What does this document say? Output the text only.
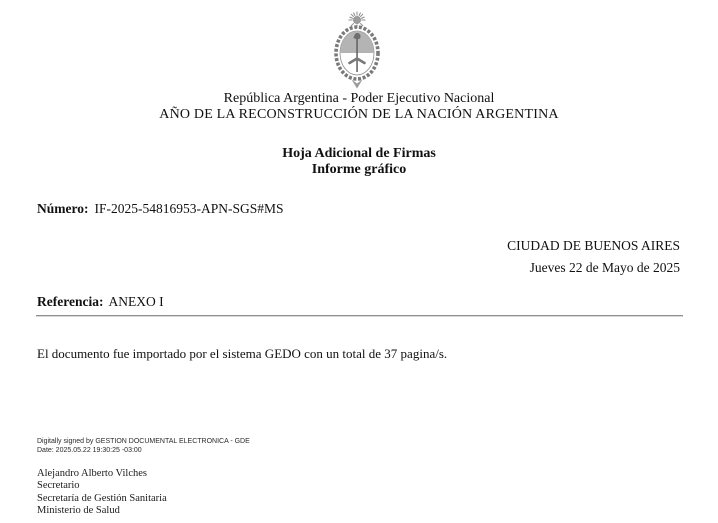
República Argentina - Poder Ejecutivo Nacional
AÑO DE LA RECONSTRUCCIÓN DE LA NACIÓN ARGENTINA
Hoja Adicional de Firmas
Informe gráfico
Número: IF-2025-54816953-APN-SGS#MS
CIUDAD DE BUENOS AIRES
Jueves 22 de Mayo de 2025
Referencia: ANEXO I
El documento fue importado por el sistema GEDO con un total de 37 pagina/s.
Digitally signed by GESTION DOCUMENTAL ELECTRONICA - GDE
Date: 2025.05.22 19:30:25 -03:00
Alejandro Alberto Vilches
Secretario
Secretaría de Gestión Sanitaria
Ministerio de Salud
